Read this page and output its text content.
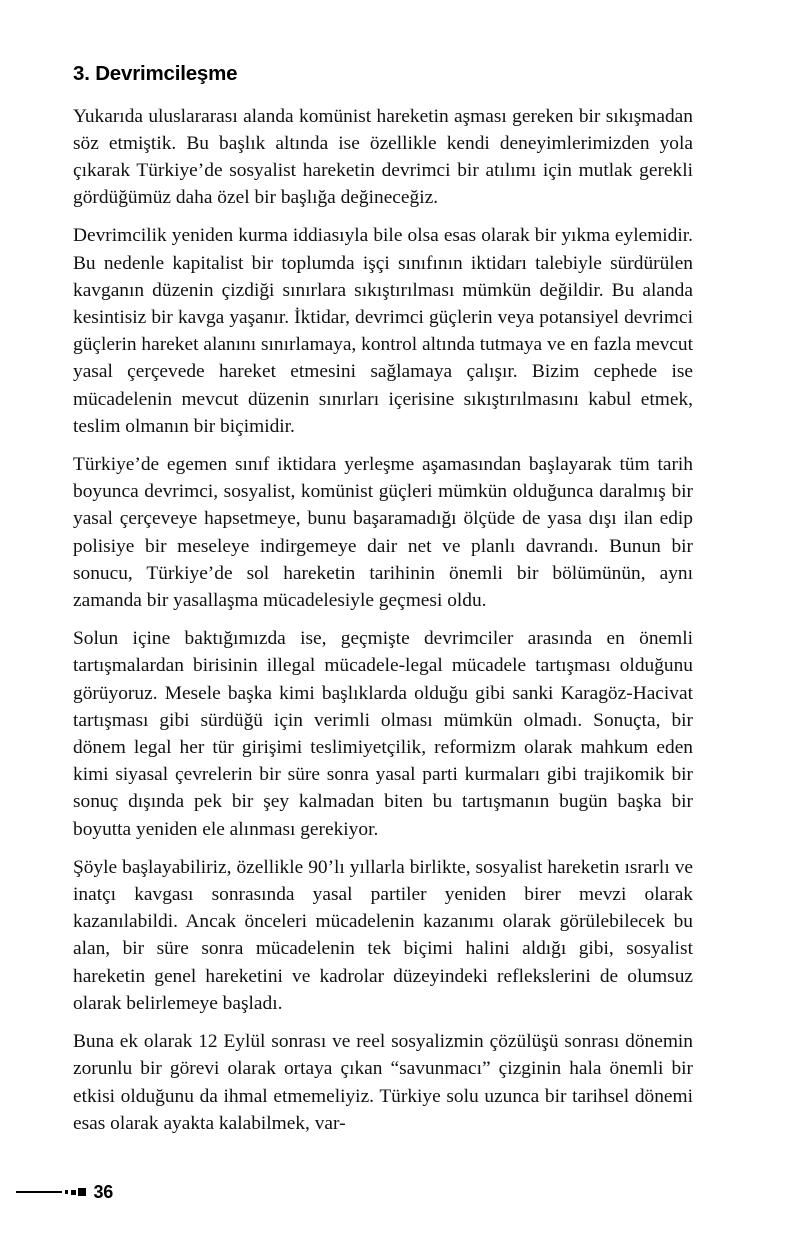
3. Devrimcileşme

Yukarıda uluslararası alanda komünist hareketin aşması gereken bir sıkışmadan söz etmiştik. Bu başlık altında ise özellikle kendi deneyimlerimizden yola çıkarak Türkiye’de sosyalist hareketin devrimci bir atılımı için mutlak gerekli gördüğümüz daha özel bir başlığa değineceğiz.

Devrimcilik yeniden kurma iddiasıyla bile olsa esas olarak bir yıkma eylemidir. Bu nedenle kapitalist bir toplumda işçi sınıfının iktidarı talebiyle sürdürülen kavganın düzenin çizdiği sınırlara sıkıştırılması mümkün değildir. Bu alanda kesintisiz bir kavga yaşanır. İktidar, devrimci güçlerin veya potansiyel devrimci güçlerin hareket alanını sınırlamaya, kontrol altında tutmaya ve en fazla mevcut yasal çerçevede hareket etmesini sağlamaya çalışır. Bizim cephede ise mücadelenin mevcut düzenin sınırları içerisine sıkıştırılmasını kabul etmek, teslim olmanın bir biçimidir.

Türkiye’de egemen sınıf iktidara yerleşme aşamasından başlayarak tüm tarih boyunca devrimci, sosyalist, komünist güçleri mümkün olduğunca daralmış bir yasal çerçeveye hapsetmeye, bunu başaramadığı ölçüde de yasa dışı ilan edip polisiye bir meseleye indirgemeye dair net ve planlı davrandı. Bunun bir sonucu, Türkiye’de sol hareketin tarihinin önemli bir bölümünün, aynı zamanda bir yasallaşma mücadelesiyle geçmesi oldu.

Solun içine baktığımızda ise, geçmişte devrimciler arasında en önemli tartışmalardan birisinin illegal mücadele-legal mücadele tartışması olduğunu görüyoruz. Mesele başka kimi başlıklarda olduğu gibi sanki Karagöz-Hacivat tartışması gibi sürdüğü için verimli olması mümkün olmadı. Sonuçta, bir dönem legal her tür girişimi teslimiyetçilik, reformizm olarak mahkum eden kimi siyasal çevrelerin bir süre sonra yasal parti kurmaları gibi trajikomik bir sonuç dışında pek bir şey kalmadan biten bu tartışmanın bugün başka bir boyutta yeniden ele alınması gerekiyor.

Şöyle başlayabiliriz, özellikle 90’lı yıllarla birlikte, sosyalist hareketin ısrarlı ve inatçı kavgası sonrasında yasal partiler yeniden birer mevzi olarak kazanılabildi. Ancak önceleri mücadelenin kazanımı olarak görülebilecek bu alan, bir süre sonra mücadelenin tek biçimi halini aldığı gibi, sosyalist hareketin genel hareketini ve kadrolar düzeyindeki reflekslerini de olumsuz olarak belirlemeye başladı.

Buna ek olarak 12 Eylül sonrası ve reel sosyalizmin çözülüşü sonrası dönemin zorunlu bir görevi olarak ortaya çıkan “savunmacı” çizginin hala önemli bir etkisi olduğunu da ihmal etmemeliyiz. Türkiye solu uzunca bir tarihsel dönemi esas olarak ayakta kalabilmek, var-

36
